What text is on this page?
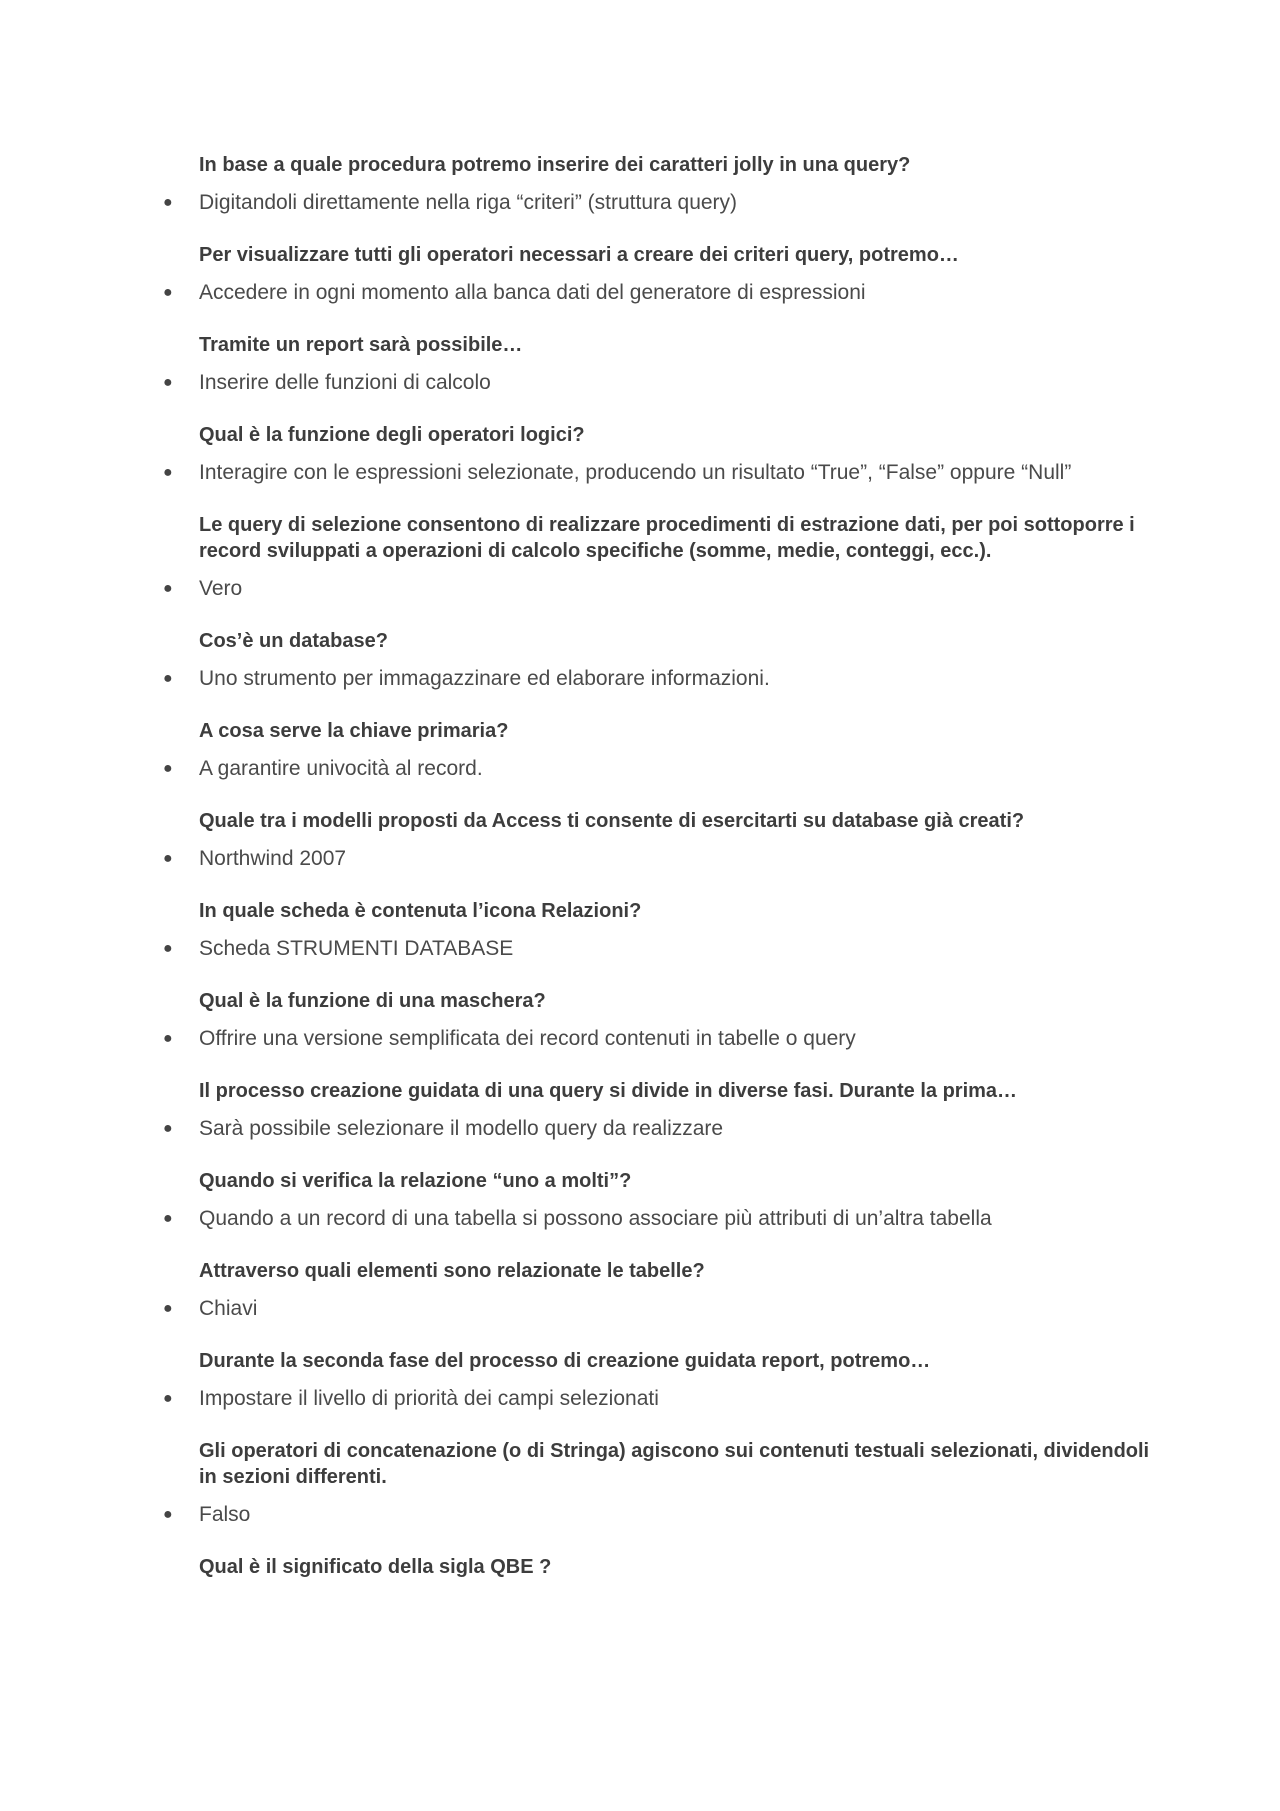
In base a quale procedura potremo inserire dei caratteri jolly in una query?

● Digitandoli direttamente nella riga “criteri” (struttura query)

Per visualizzare tutti gli operatori necessari a creare dei criteri query, potremo…

● Accedere in ogni momento alla banca dati del generatore di espressioni

Tramite un report sarà possibile…

● Inserire delle funzioni di calcolo

Qual è la funzione degli operatori logici?

● Interagire con le espressioni selezionate, producendo un risultato “True”, “False” oppure “Null”

Le query di selezione consentono di realizzare procedimenti di estrazione dati, per poi sottoporre i record sviluppati a operazioni di calcolo specifiche (somme, medie, conteggi, ecc.).

● Vero

Cos’è un database?

● Uno strumento per immagazzinare ed elaborare informazioni.

A cosa serve la chiave primaria?

● A garantire univocità al record.

Quale tra i modelli proposti da Access ti consente di esercitarti su database già creati?

● Northwind 2007

In quale scheda è contenuta l’icona Relazioni?

● Scheda STRUMENTI DATABASE

Qual è la funzione di una maschera?

● Offrire una versione semplificata dei record contenuti in tabelle o query

Il processo creazione guidata di una query si divide in diverse fasi. Durante la prima…

● Sarà possibile selezionare il modello query da realizzare

Quando si verifica la relazione “uno a molti”?

● Quando a un record di una tabella si possono associare più attributi di un’altra tabella

Attraverso quali elementi sono relazionate le tabelle?

● Chiavi

Durante la seconda fase del processo di creazione guidata report, potremo…

● Impostare il livello di priorità dei campi selezionati

Gli operatori di concatenazione (o di Stringa) agiscono sui contenuti testuali selezionati, dividendoli in sezioni differenti.

● Falso

Qual è il significato della sigla QBE ?
